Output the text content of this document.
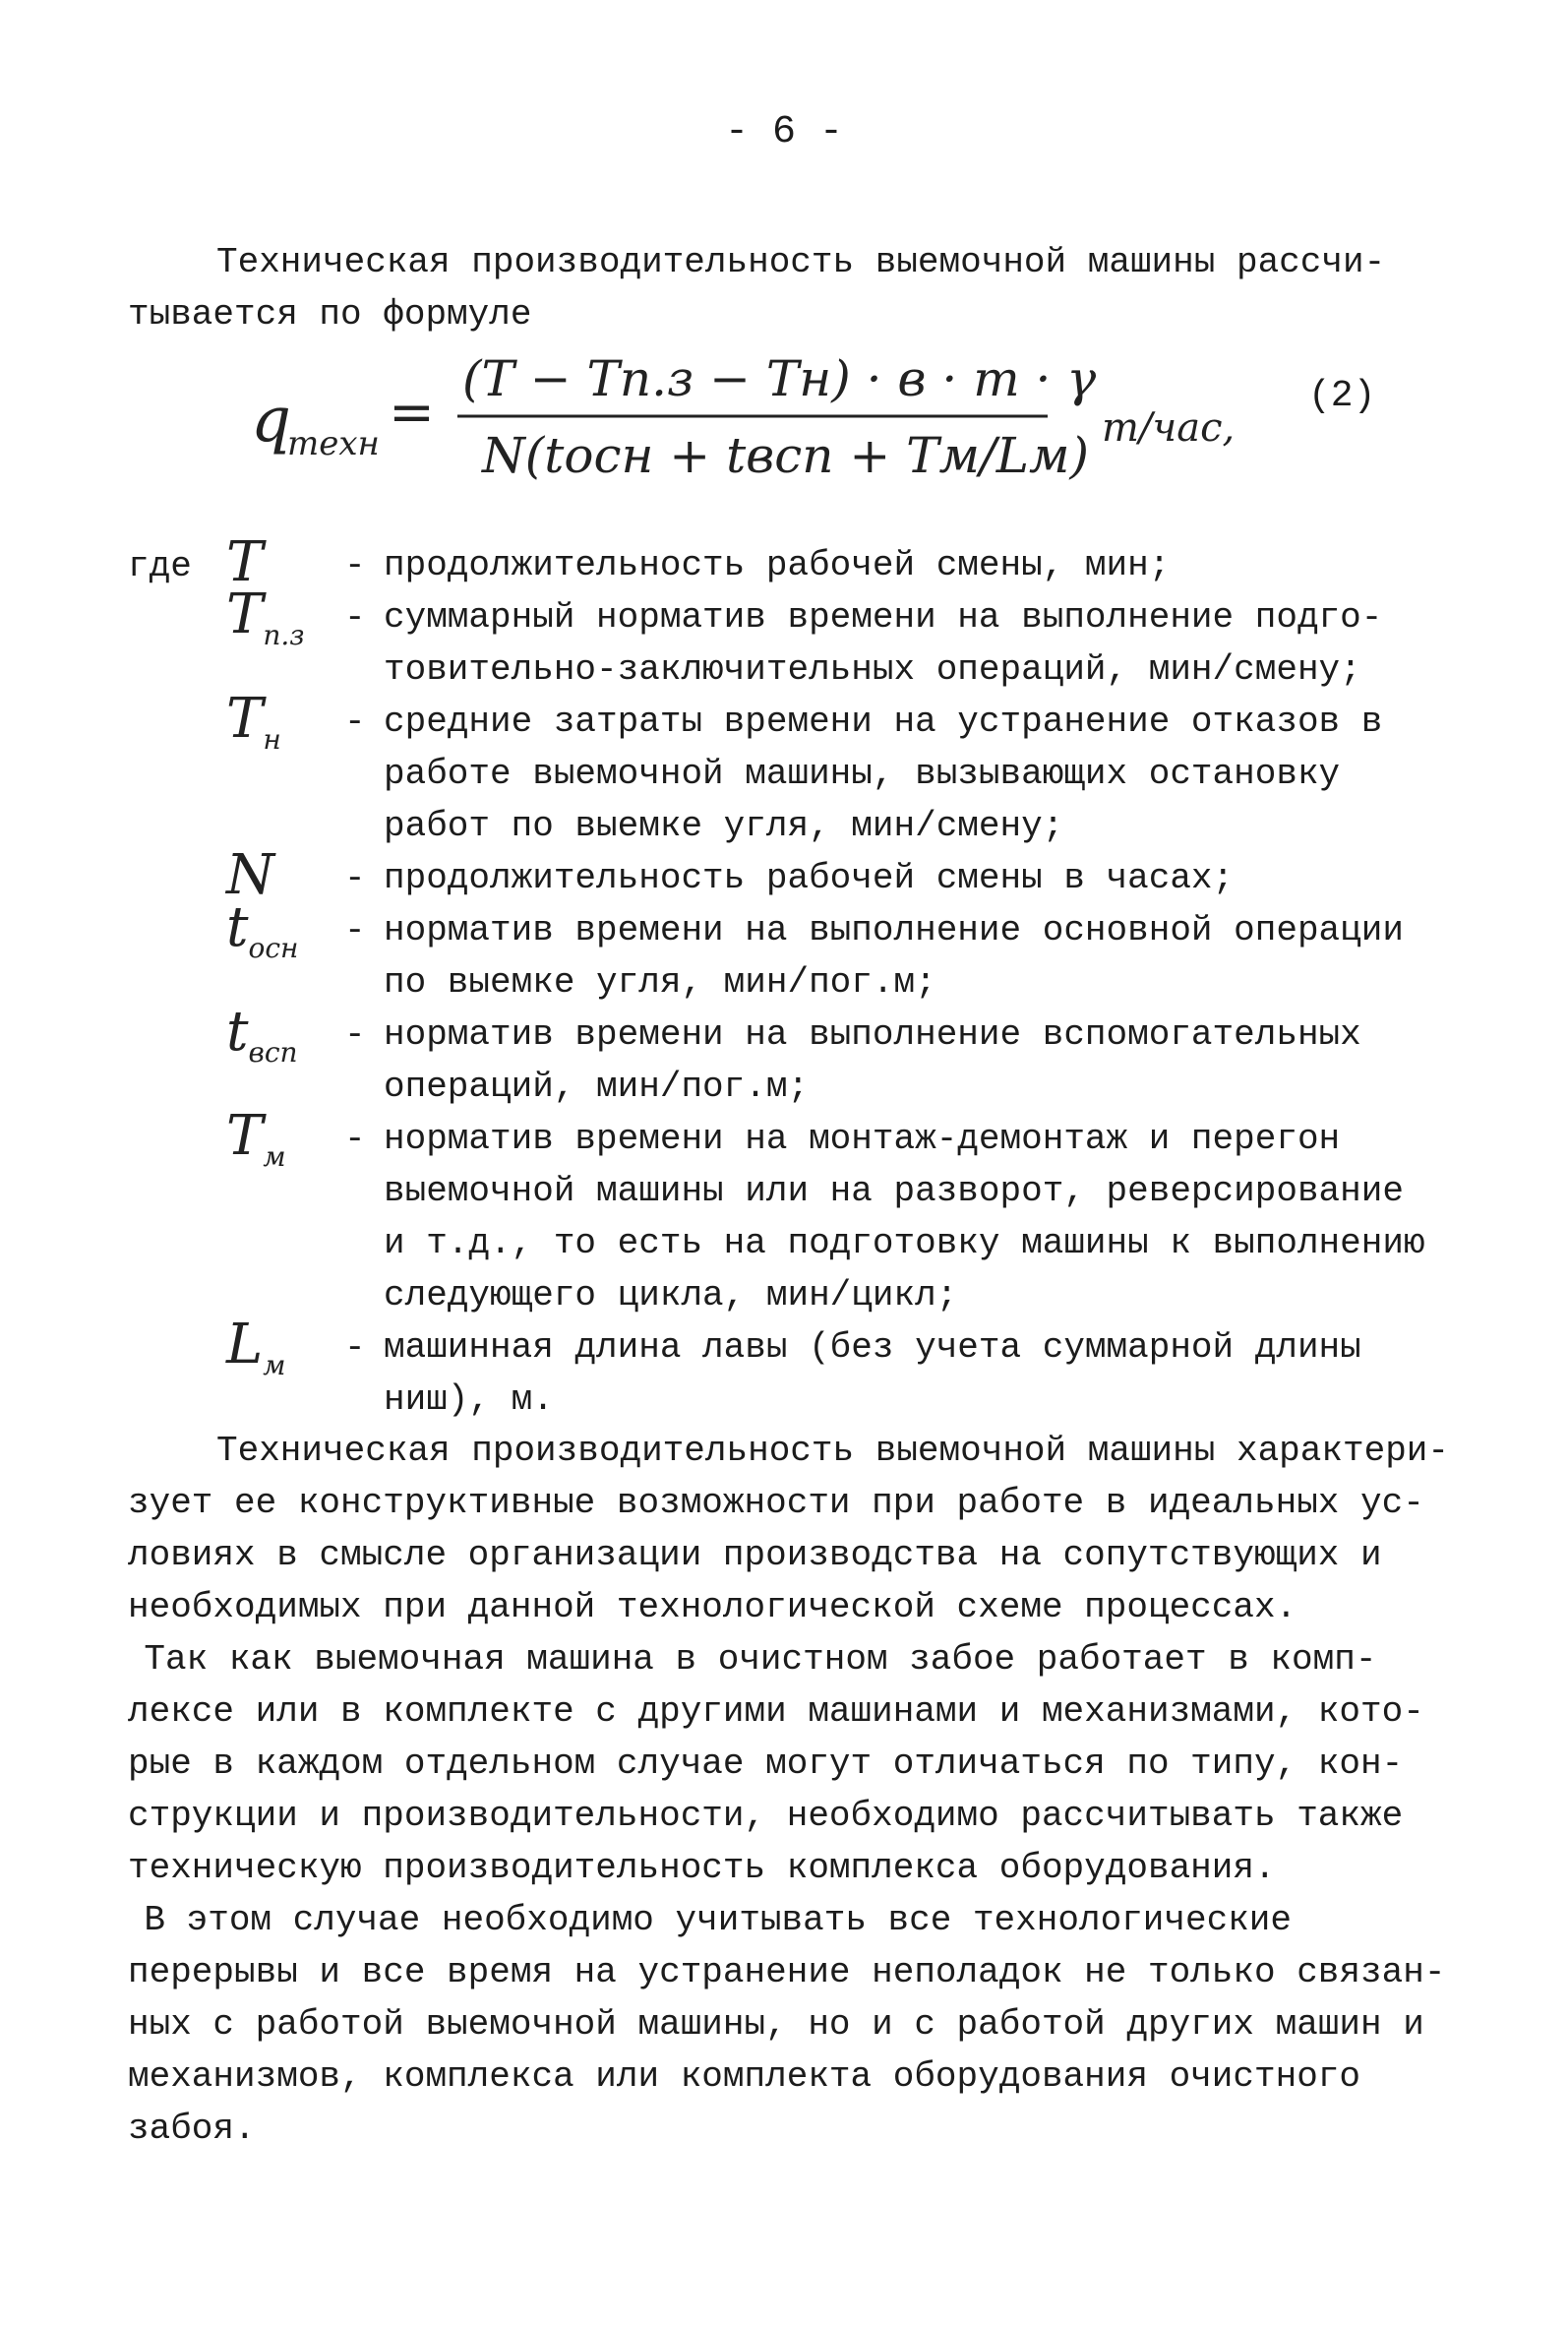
- 6 -
Техническая производительность выемочной машины рассчи-
тывается по формуле
q
техн =
(T − Tп.з − Tн) · в · m · γ
N(tосн + tвсп + Tм/Lм) т/час,
(2)
где T	- продолжительность рабочей смены, мин;
$T_{п.з}$	- суммарный норматив времени на выполнение подго-
товительно-заключительных операций, мин/смену;
$T_н$	- средние затраты времени на устранение отказов в
работе выемочной машины, вызывающих остановку
работ по выемке угля, мин/смену;
N	- продолжительность рабочей смены в часах;
$t_{осн}$	- норматив времени на выполнение основной операции
по выемке угля, мин/пог.м;
$t_{всп}$	- норматив времени на выполнение вспомогательных
операций, мин/пог.м;
$T_м$	- норматив времени на монтаж-демонтаж и перегон
выемочной машины или на разворот, реверсирование
и т.д., то есть на подготовку машины к выполнению
следующего цикла, мин/цикл;
$L_м$	- машинная длина лавы (без учета суммарной длины
ниш), м.
Техническая производительность выемочной машины характери-
зует ее конструктивные возможности при работе в идеальных ус-
ловиях в смысле организации производства на сопутствующих и
необходимых при данной технологической схеме процессах.
Так как выемочная машина в очистном забое работает в комп-
лексе или в комплекте с другими машинами и механизмами, кото-
рые в каждом отдельном случае могут отличаться по типу, кон-
струкции и производительности, необходимо рассчитывать также
техническую производительность комплекса оборудования.
В этом случае необходимо учитывать все технологические
перерывы и все время на устранение неполадок не только связан-
ных с работой выемочной машины, но и с работой других машин и
механизмов, комплекса или комплекта оборудования очистного
забоя.
